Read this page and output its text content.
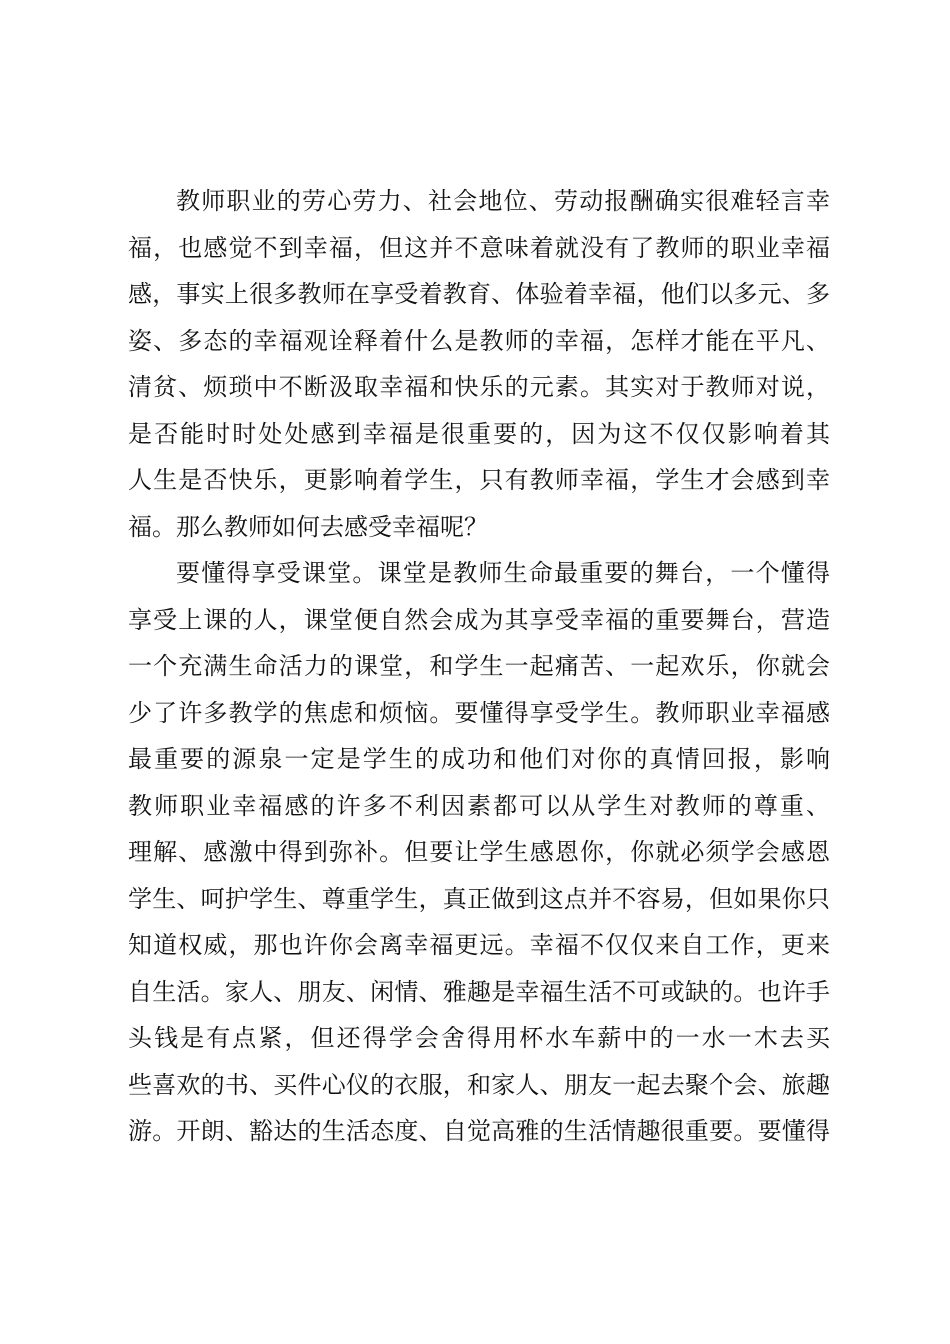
教师职业的劳心劳力、社会地位、劳动报酬确实很难轻言幸
福，也感觉不到幸福，但这并不意味着就没有了教师的职业幸福
感，事实上很多教师在享受着教育、体验着幸福，他们以多元、多
姿、多态的幸福观诠释着什么是教师的幸福，怎样才能在平凡、
清贫、烦琐中不断汲取幸福和快乐的元素。其实对于教师对说，
是否能时时处处感到幸福是很重要的，因为这不仅仅影响着其
人生是否快乐，更影响着学生，只有教师幸福，学生才会感到幸
福。那么教师如何去感受幸福呢？

要懂得享受课堂。课堂是教师生命最重要的舞台，一个懂得
享受上课的人，课堂便自然会成为其享受幸福的重要舞台，营造
一个充满生命活力的课堂，和学生一起痛苦、一起欢乐，你就会
少了许多教学的焦虑和烦恼。要懂得享受学生。教师职业幸福感
最重要的源泉一定是学生的成功和他们对你的真情回报，影响
教师职业幸福感的许多不利因素都可以从学生对教师的尊重、
理解、感激中得到弥补。但要让学生感恩你，你就必须学会感恩
学生、呵护学生、尊重学生，真正做到这点并不容易，但如果你只
知道权威，那也许你会离幸福更远。幸福不仅仅来自工作，更来
自生活。家人、朋友、闲情、雅趣是幸福生活不可或缺的。也许手
头钱是有点紧，但还得学会舍得用杯水车薪中的一水一木去买
些喜欢的书、买件心仪的衣服，和家人、朋友一起去聚个会、旅趣
游。开朗、豁达的生活态度、自觉高雅的生活情趣很重要。要懂得
